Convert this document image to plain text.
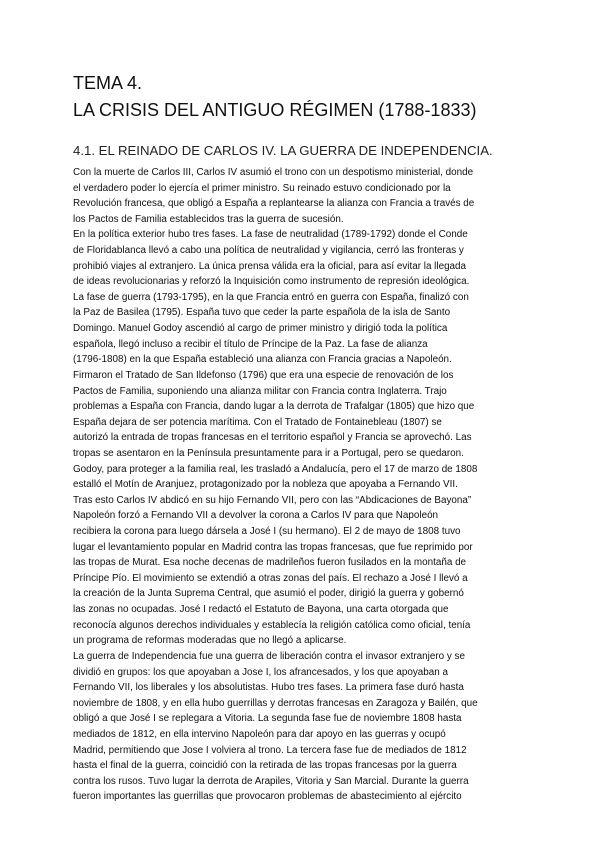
TEMA 4.
LA CRISIS DEL ANTIGUO RÉGIMEN (1788-1833)
4.1. EL REINADO DE CARLOS IV. LA GUERRA DE INDEPENDENCIA.
Con la muerte de Carlos III, Carlos IV asumió el trono con un despotismo ministerial, donde
el verdadero poder lo ejercía el primer ministro. Su reinado estuvo condicionado por la
Revolución francesa, que obligó a España a replantearse la alianza con Francia a través de
los Pactos de Familia establecidos tras la guerra de sucesión.
En la política exterior hubo tres fases. La fase de neutralidad (1789-1792) donde el Conde
de Floridablanca llevó a cabo una política de neutralidad y vigilancia, cerró las fronteras y
prohibió viajes al extranjero. La única prensa válida era la oficial, para así evitar la llegada
de ideas revolucionarias y reforzó la Inquisición como instrumento de represión ideológica.
La fase de guerra (1793-1795), en la que Francia entró en guerra con España, finalizó con
la Paz de Basilea (1795). España tuvo que ceder la parte española de la isla de Santo
Domingo. Manuel Godoy ascendió al cargo de primer ministro y dirigió toda la política
española, llegó incluso a recibir el título de Príncipe de la Paz. La fase de alianza
(1796-1808) en la que España estableció una alianza con Francia gracias a Napoleón.
Firmaron el Tratado de San Ildefonso (1796) que era una especie de renovación de los
Pactos de Familia, suponiendo una alianza militar con Francia contra Inglaterra. Trajo
problemas a España con Francia, dando lugar a la derrota de Trafalgar (1805) que hizo que
España dejara de ser potencia marítima. Con el Tratado de Fontainebleau (1807) se
autorizó la entrada de tropas francesas en el territorio español y Francia se aprovechó. Las
tropas se asentaron en la Península presuntamente para ir a Portugal, pero se quedaron.
Godoy, para proteger a la familia real, les trasladó a Andalucía, pero el 17 de marzo de 1808
estalló el Motín de Aranjuez, protagonizado por la nobleza que apoyaba a Fernando VII.
Tras esto Carlos IV abdicó en su hijo Fernando VII, pero con las “Abdicaciones de Bayona”
Napoleón forzó a Fernando VII a devolver la corona a Carlos IV para que Napoleón
recibiera la corona para luego dársela a José I (su hermano). El 2 de mayo de 1808 tuvo
lugar el levantamiento popular en Madrid contra las tropas francesas, que fue reprimido por
las tropas de Murat. Esa noche decenas de madrileños fueron fusilados en la montaña de
Príncipe Pío. El movimiento se extendió a otras zonas del país. El rechazo a José I llevó a
la creación de la Junta Suprema Central, que asumió el poder, dirigió la guerra y gobernó
las zonas no ocupadas. José I redactó el Estatuto de Bayona, una carta otorgada que
reconocía algunos derechos individuales y establecía la religión católica como oficial, tenía
un programa de reformas moderadas que no llegó a aplicarse.
La guerra de Independencia fue una guerra de liberación contra el invasor extranjero y se
dividió en grupos: los que apoyaban a Jose I, los afrancesados, y los que apoyaban a
Fernando VII, los liberales y los absolutistas. Hubo tres fases. La primera fase duró hasta
noviembre de 1808, y en ella hubo guerrillas y derrotas francesas en Zaragoza y Bailén, que
obligó a que José I se replegara a Vitoria. La segunda fase fue de noviembre 1808 hasta
mediados de 1812, en ella intervino Napoleón para dar apoyo en las guerras y ocupó
Madrid, permitiendo que Jose I volviera al trono. La tercera fase fue de mediados de 1812
hasta el final de la guerra, coincidió con la retirada de las tropas francesas por la guerra
contra los rusos. Tuvo lugar la derrota de Arapiles, Vitoria y San Marcial. Durante la guerra
fueron importantes las guerrillas que provocaron problemas de abastecimiento al ejército
